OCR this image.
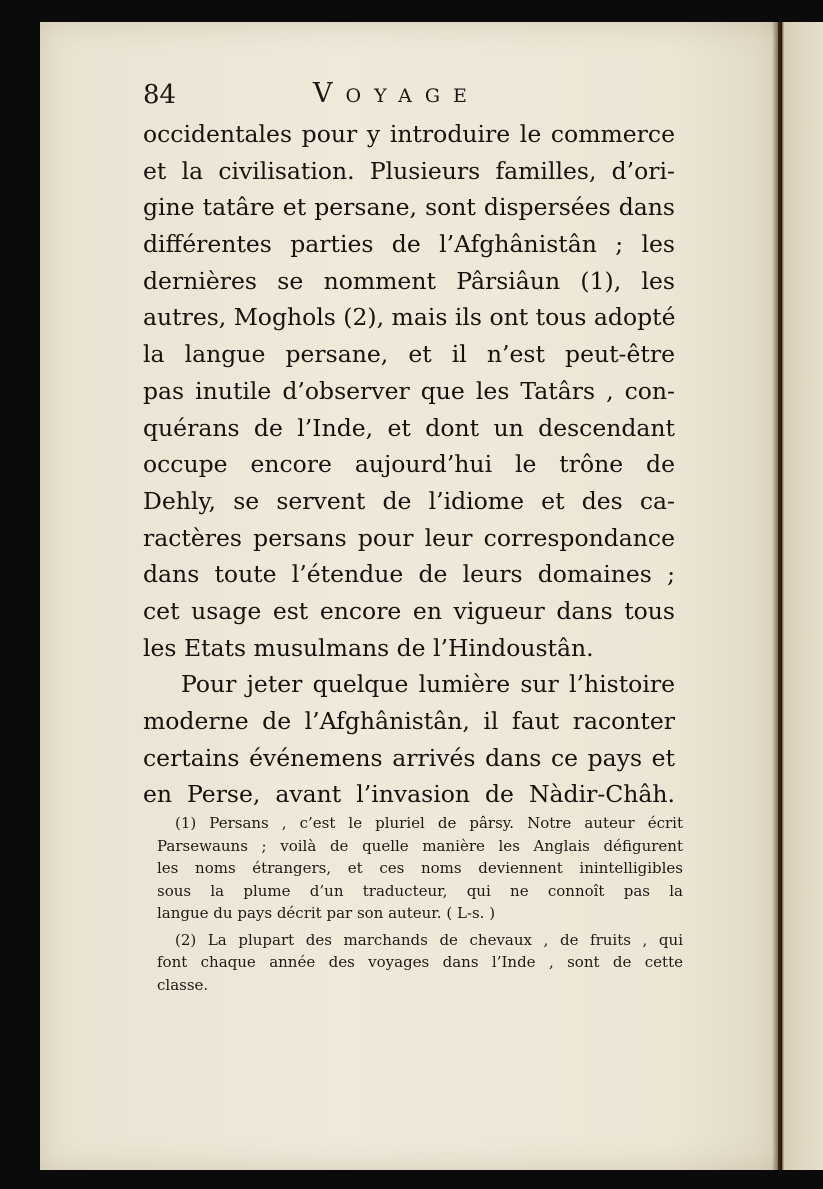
84	Voyage
occidentales pour y introduire le commerce
et la civilisation. Plusieurs familles, d’ori-
gine tatâre et persane, sont dispersées dans
différentes parties de l’Afghânistân ; les
dernières se nomment Pârsiâun (1), les
autres, Moghols (2), mais ils ont tous adopté
la langue persane, et il n’est peut-être
pas inutile d’observer que les Tatârs , con-
quérans de l’Inde, et dont un descendant
occupe encore aujourd’hui le trône de
Dehly, se servent de l’idiome et des ca-
ractères persans pour leur correspondance
dans toute l’étendue de leurs domaines ;
cet usage est encore en vigueur dans tous
les Etats musulmans de l’Hindoustân.
Pour jeter quelque lumière sur l’histoire
moderne de l’Afghânistân, il faut raconter
certains événemens arrivés dans ce pays et
en Perse, avant l’invasion de Nàdir-Châh.
(1) Persans , c’est le pluriel de pârsy. Notre auteur écrit
Parsewauns ; voilà de quelle manière les Anglais défigurent
les noms étrangers, et ces noms deviennent inintelligibles
sous la plume d’un traducteur, qui ne connoît pas la
langue du pays décrit par son auteur. ( L-s. )
(2) La plupart des marchands de chevaux , de fruits , qui
font chaque année des voyages dans l’Inde , sont de cette
classe.
